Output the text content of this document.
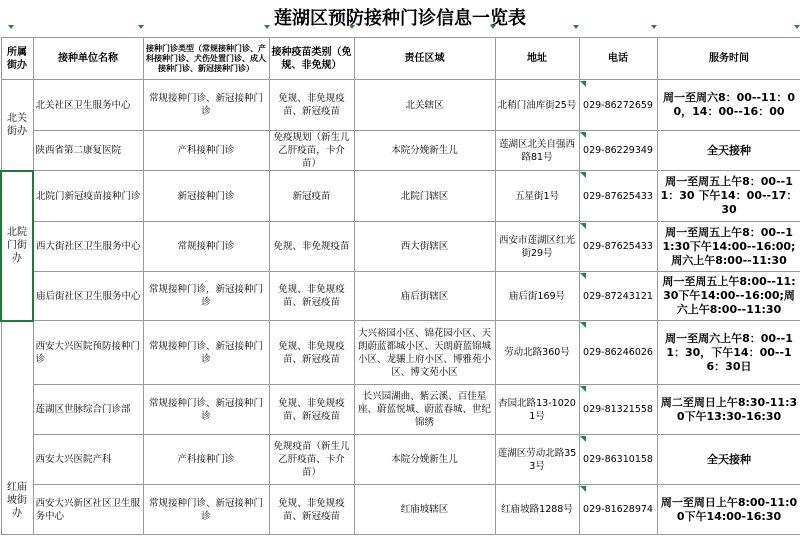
莲湖区预防接种门诊信息一览表
所属街办	接种单位名称	接种门诊类型（常规接种门诊、产科接种门诊、犬伤处置门诊、成人接种门诊、新冠接种门诊）	接种疫苗类别（免规、非免规）	责任区域	地址	电话	服务时间
北关街办	北关社区卫生服务中心	常规接种门诊、新冠接种门诊	免规、非免规疫苗、新冠疫苗	北关辖区	北稍门油库街25号	029-86272659	周一至周六8：00--11：00，14：00--16：00
	陕西省第二康复医院	产科接种门诊	免疫规划（新生儿乙肝疫苗，卡介苗）	本院分娩新生儿	莲湖区北关自强西路81号	029-86229349	全天接种
北院门街办	北院门新冠疫苗接种门诊	新冠接种门诊	新冠疫苗	北院门辖区	五星街1号	029-87625433	周一至周五上午8：00--11：30 下午14：00--17：30
	西大街社区卫生服务中心	常规接种门诊	免规、非免规疫苗	西大街辖区	西安市莲湖区红光街29号	029-87625433	周一至周五上午8：00--11:30下午14:00--16:00;周六上午8:00--11:30
	庙后街社区卫生服务中心	常规接种门诊，新冠接种门诊	免规、非免规疫苗、新冠疫苗	庙后街辖区	庙后街169号	029-87243121	周一至周五上午8:00--11:30下午14:00--16:00;周六上午8:00--11:30
红庙坡街办	西安大兴医院预防接种门诊	常规接种门诊、新冠接种门诊	免规、非免规疫苗、新冠疫苗	大兴裕园小区、锦花园小区、天朗蔚蓝都城小区、天朗蔚蓝锦城小区、龙骧上府小区、博雅苑小区、博文苑小区	劳动北路360号	029-86246026	周一至周六上午8：00--11：30，下午14：00--16：30日
	莲湖区世脉综合门诊部	常规接种门诊、新冠接种门诊	免规、非免规疫苗、新冠疫苗	长兴园湖曲、紫云溪、百佳星座、蔚蓝悦城、蔚蓝春城、世纪锦绣	杏园北路13-10201号	029-81321558	周二至周日上午8:30-11:30下午13:30-16:30
	西安大兴医院产科	产科接种门诊	免规疫苗（新生儿乙肝疫苗、卡介苗）	本院分娩新生儿	莲湖区劳动北路353号	029-86310158	全天接种
	西安大兴新区社区卫生服务中心	常规接种门诊、新冠接种门诊	免规、非免规疫苗、新冠疫苗	红庙坡辖区	红庙坡路1288号	029-81628974	周一至周日上午8:00-11:00下午14:00-16:30
